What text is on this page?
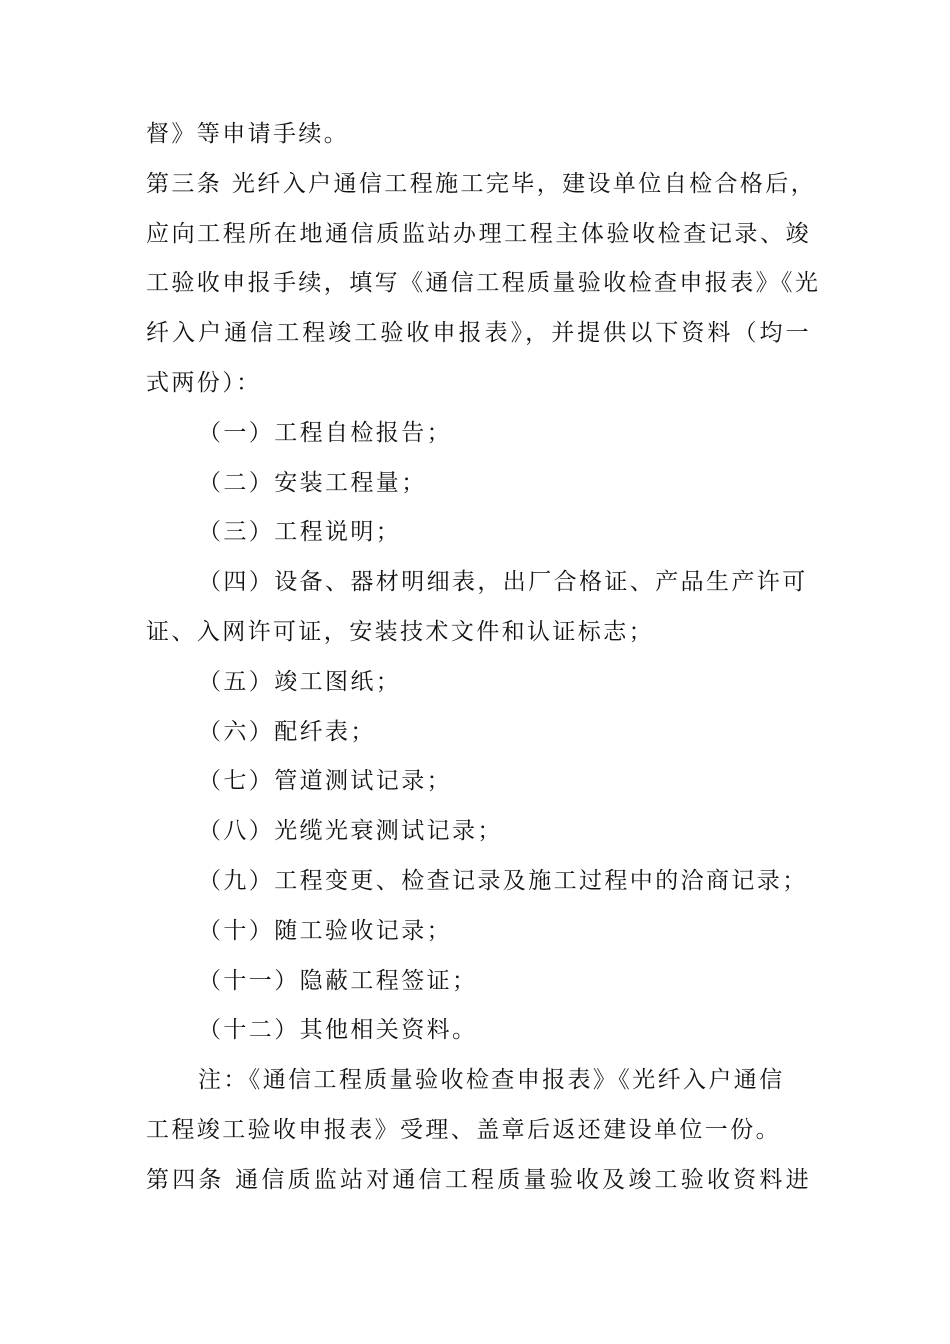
督》等申请手续。
第三条 光纤入户通信工程施工完毕，建设单位自检合格后，
应向工程所在地通信质监站办理工程主体验收检查记录、竣
工验收申报手续，填写《通信工程质量验收检查申报表》《光
纤入户通信工程竣工验收申报表》，并提供以下资料（均一
式两份）：
（一）工程自检报告；
（二）安装工程量；
（三）工程说明；
（四）设备、器材明细表，出厂合格证、产品生产许可
证、入网许可证，安装技术文件和认证标志；
（五）竣工图纸；
（六）配纤表；
（七）管道测试记录；
（八）光缆光衰测试记录；
（九）工程变更、检查记录及施工过程中的洽商记录；
（十）随工验收记录；
（十一）隐蔽工程签证；
（十二）其他相关资料。
注：《通信工程质量验收检查申报表》《光纤入户通信
工程竣工验收申报表》受理、盖章后返还建设单位一份。
第四条 通信质监站对通信工程质量验收及竣工验收资料进
